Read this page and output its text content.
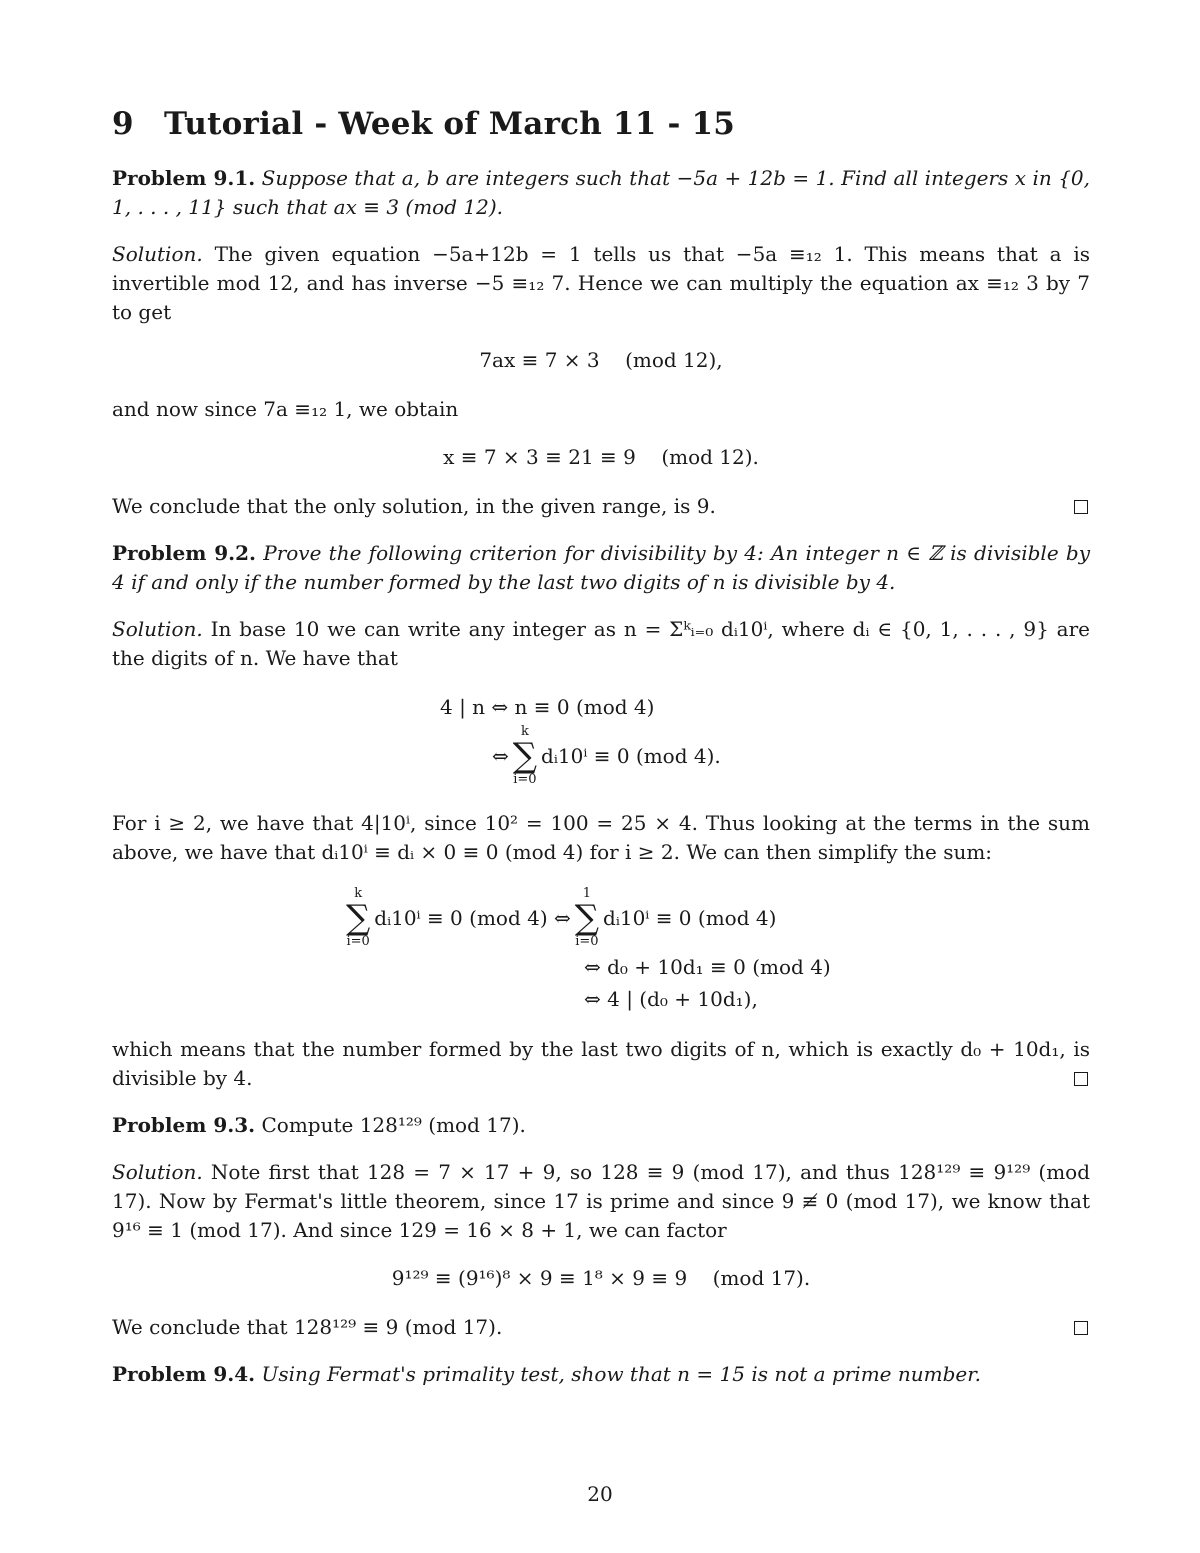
9 Tutorial - Week of March 11 - 15

Problem 9.1. Suppose that a, b are integers such that −5a + 12b = 1. Find all integers x in {0, 1, . . . , 11} such that ax ≡ 3 (mod 12).

Solution. The given equation −5a+12b = 1 tells us that −5a ≡₁₂ 1. This means that a is invertible mod 12, and has inverse −5 ≡₁₂ 7. Hence we can multiply the equation ax ≡₁₂ 3 by 7 to get

7ax ≡ 7 × 3    (mod 12),

and now since 7a ≡₁₂ 1, we obtain

x ≡ 7 × 3 ≡ 21 ≡ 9    (mod 12).

We conclude that the only solution, in the given range, is 9.

Problem 9.2. Prove the following criterion for divisibility by 4: An integer n ∈ ℤ is divisible by 4 if and only if the number formed by the last two digits of n is divisible by 4.

Solution. In base 10 we can write any integer as n = Σᵏᵢ₌₀ dᵢ10ⁱ, where dᵢ ∈ {0, 1, . . . , 9} are the digits of n. We have that

4 | n ⇔ n ≡ 0 (mod 4)
⇔
k
∑
i=0
dᵢ10ⁱ ≡ 0 (mod 4).

For i ≥ 2, we have that 4|10ⁱ, since 10² = 100 = 25 × 4. Thus looking at the terms in the sum above, we have that dᵢ10ⁱ ≡ dᵢ × 0 ≡ 0 (mod 4) for i ≥ 2. We can then simplify the sum:

k
∑
i=0
dᵢ10ⁱ ≡ 0 (mod 4) ⇔
1
∑
i=0
dᵢ10ⁱ ≡ 0 (mod 4)
⇔ d₀ + 10d₁ ≡ 0 (mod 4)
⇔ 4 | (d₀ + 10d₁),

which means that the number formed by the last two digits of n, which is exactly d₀ + 10d₁, is divisible by 4.

Problem 9.3. Compute 128¹²⁹ (mod 17).

Solution. Note first that 128 = 7 × 17 + 9, so 128 ≡ 9 (mod 17), and thus 128¹²⁹ ≡ 9¹²⁹ (mod 17). Now by Fermat's little theorem, since 17 is prime and since 9 ≢ 0 (mod 17), we know that 9¹⁶ ≡ 1 (mod 17). And since 129 = 16 × 8 + 1, we can factor

9¹²⁹ ≡ (9¹⁶)⁸ × 9 ≡ 1⁸ × 9 ≡ 9    (mod 17).

We conclude that 128¹²⁹ ≡ 9 (mod 17).

Problem 9.4. Using Fermat's primality test, show that n = 15 is not a prime number.

20
